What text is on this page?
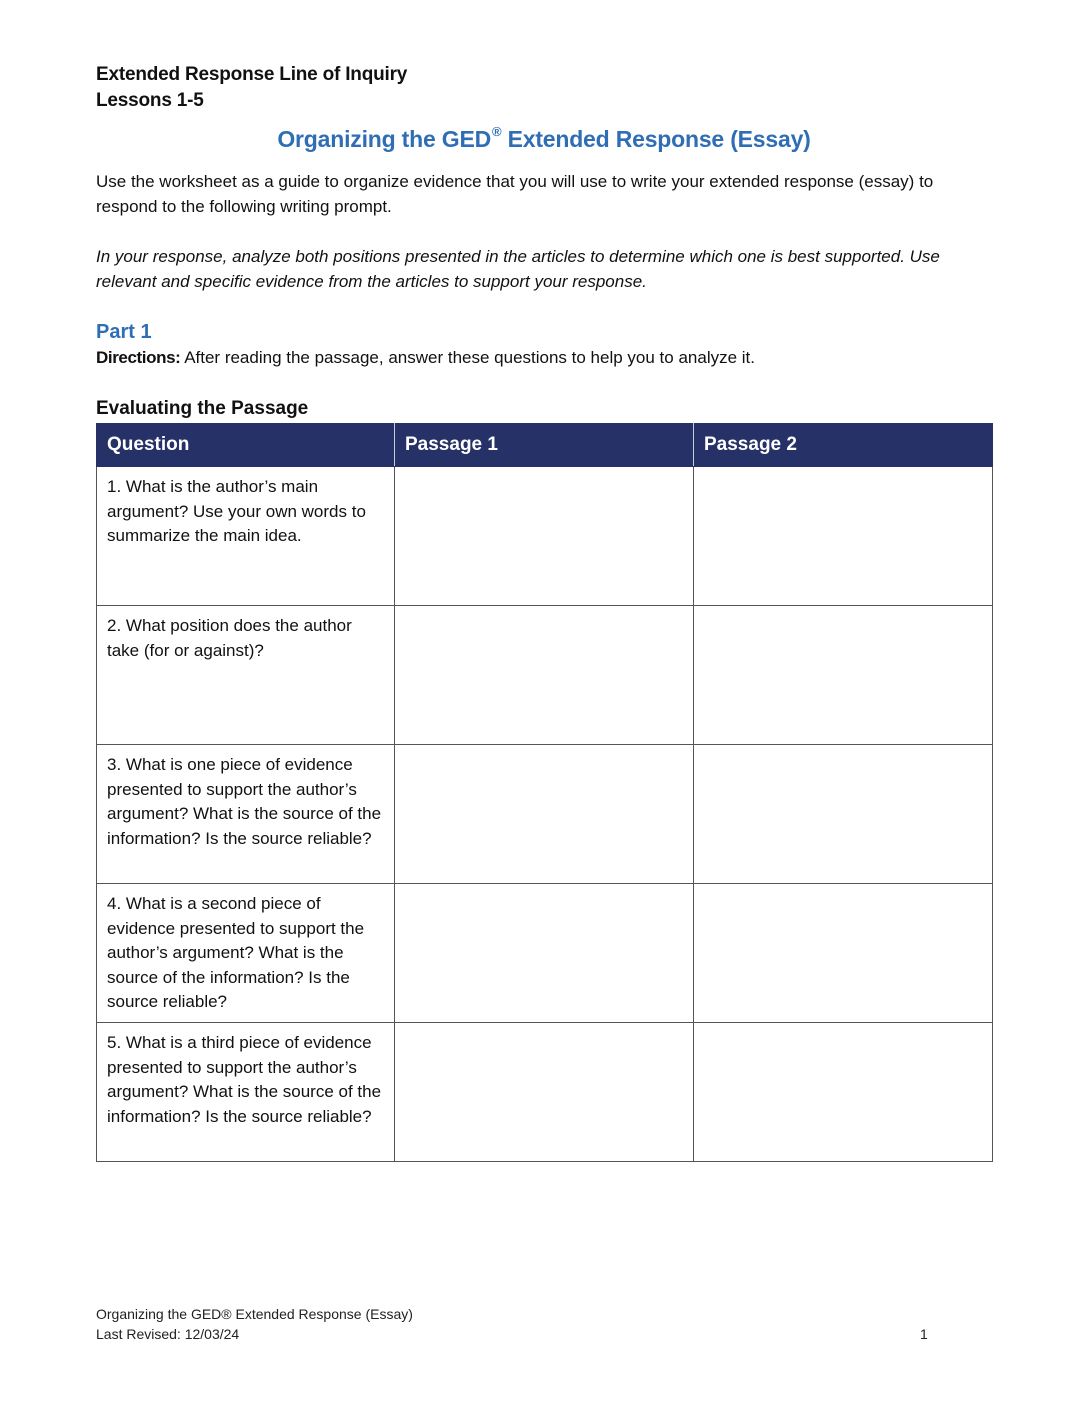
Extended Response Line of Inquiry
Lessons 1-5
Organizing the GED® Extended Response (Essay)
Use the worksheet as a guide to organize evidence that you will use to write your extended response (essay) to respond to the following writing prompt.
In your response, analyze both positions presented in the articles to determine which one is best supported. Use relevant and specific evidence from the articles to support your response.
Part 1
Directions: After reading the passage, answer these questions to help you to analyze it.
Evaluating the Passage
Question	Passage 1	Passage 2
1. What is the author’s main argument? Use your own words to summarize the main idea.		
2. What position does the author take (for or against)?		
3. What is one piece of evidence presented to support the author’s argument? What is the source of the information? Is the source reliable?		
4. What is a second piece of evidence presented to support the author’s argument? What is the source of the information? Is the source reliable?		
5. What is a third piece of evidence presented to support the author’s argument? What is the source of the information? Is the source reliable?		
Organizing the GED® Extended Response (Essay)
Last Revised: 12/03/24	1
